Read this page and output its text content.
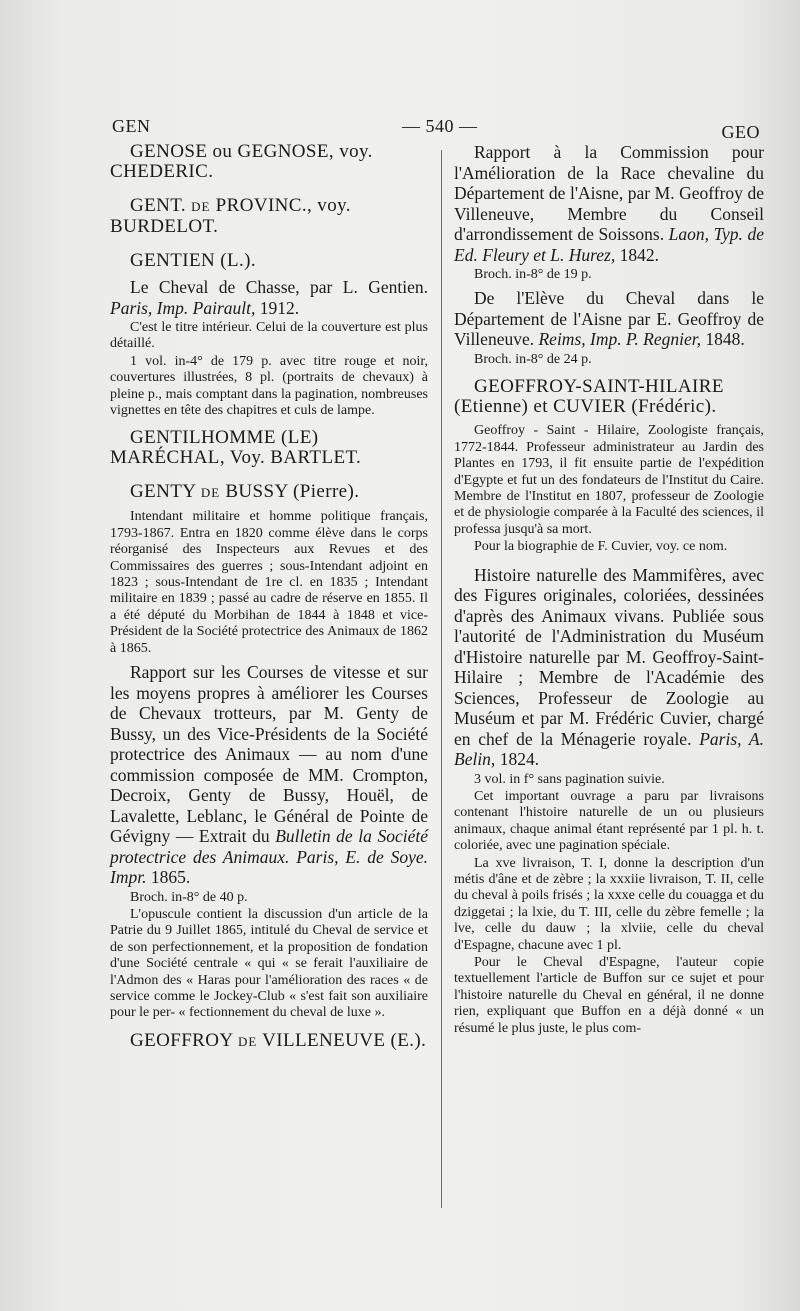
GEN	— 540 —	GEO

GENOSE ou GEGNOSE, voy. CHEDERIC.

GENT. DE PROVINC., voy. BURDELOT.

GENTIEN (L.).

Le Cheval de Chasse, par L. Gentien. Paris, Imp. Pairault, 1912.

C'est le titre intérieur. Celui de la couverture est plus détaillé.

1 vol. in-4° de 179 p. avec titre rouge et noir, couvertures illustrées, 8 pl. (portraits de chevaux) à pleine p., mais comptant dans la pagination, nombreuses vignettes en tête des chapitres et culs de lampe.

GENTILHOMME (LE) MARÉCHAL, Voy. BARTLET.

GENTY DE BUSSY (Pierre).

Intendant militaire et homme politique français, 1793-1867. Entra en 1820 comme élève dans le corps réorganisé des Inspecteurs aux Revues et des Commissaires des guerres ; sous-Intendant adjoint en 1823 ; sous-Intendant de 1re cl. en 1835 ; Intendant militaire en 1839 ; passé au cadre de réserve en 1855. Il a été député du Morbihan de 1844 à 1848 et vice-Président de la Société protectrice des Animaux de 1862 à 1865.

Rapport sur les Courses de vitesse et sur les moyens propres à améliorer les Courses de Chevaux trotteurs, par M. Genty de Bussy, un des Vice-Présidents de la Société protectrice des Animaux — au nom d'une commission composée de MM. Crompton, Decroix, Genty de Bussy, Houël, de Lavalette, Leblanc, le Général de Pointe de Gévigny — Extrait du Bulletin de la Société protectrice des Animaux. Paris, E. de Soye. Impr. 1865.

Broch. in-8° de 40 p.

L'opuscule contient la discussion d'un article de la Patrie du 9 Juillet 1865, intitulé du Cheval de service et de son perfectionnement, et la proposition de fondation d'une Société centrale « qui « se ferait l'auxiliaire de l'Admon des « Haras pour l'amélioration des races « de service comme le Jockey-Club « s'est fait son auxiliaire pour le per- « fectionnement du cheval de luxe ».

GEOFFROY DE VILLENEUVE (E.).

Rapport à la Commission pour l'Amélioration de la Race chevaline du Département de l'Aisne, par M. Geoffroy de Villeneuve, Membre du Conseil d'arrondissement de Soissons. Laon, Typ. de Ed. Fleury et L. Hurez, 1842.

Broch. in-8° de 19 p.

De l'Elève du Cheval dans le Département de l'Aisne par E. Geoffroy de Villeneuve. Reims, Imp. P. Regnier, 1848.

Broch. in-8° de 24 p.

GEOFFROY-SAINT-HILAIRE (Etienne) et CUVIER (Frédéric).

Geoffroy - Saint - Hilaire, Zoologiste français, 1772-1844. Professeur administrateur au Jardin des Plantes en 1793, il fit ensuite partie de l'expédition d'Egypte et fut un des fondateurs de l'Institut du Caire. Membre de l'Institut en 1807, professeur de Zoologie et de physiologie comparée à la Faculté des sciences, il professa jusqu'à sa mort.

Pour la biographie de F. Cuvier, voy. ce nom.

Histoire naturelle des Mammifères, avec des Figures originales, coloriées, dessinées d'après des Animaux vivans. Publiée sous l'autorité de l'Administration du Muséum d'Histoire naturelle par M. Geoffroy-Saint-Hilaire ; Membre de l'Académie des Sciences, Professeur de Zoologie au Muséum et par M. Frédéric Cuvier, chargé en chef de la Ménagerie royale. Paris, A. Belin, 1824.

3 vol. in f° sans pagination suivie.

Cet important ouvrage a paru par livraisons contenant l'histoire naturelle de un ou plusieurs animaux, chaque animal étant représenté par 1 pl. h. t. coloriée, avec une pagination spéciale.

La xve livraison, T. I, donne la description d'un métis d'âne et de zèbre ; la xxxiie livraison, T. II, celle du cheval à poils frisés ; la xxxe celle du couagga et du dziggetai ; la lxie, du T. III, celle du zèbre femelle ; la lve, celle du dauw ; la xlviie, celle du cheval d'Espagne, chacune avec 1 pl.

Pour le Cheval d'Espagne, l'auteur copie textuellement l'article de Buffon sur ce sujet et pour l'histoire naturelle du Cheval en général, il ne donne rien, expliquant que Buffon en a déjà donné « un résumé le plus juste, le plus com-
